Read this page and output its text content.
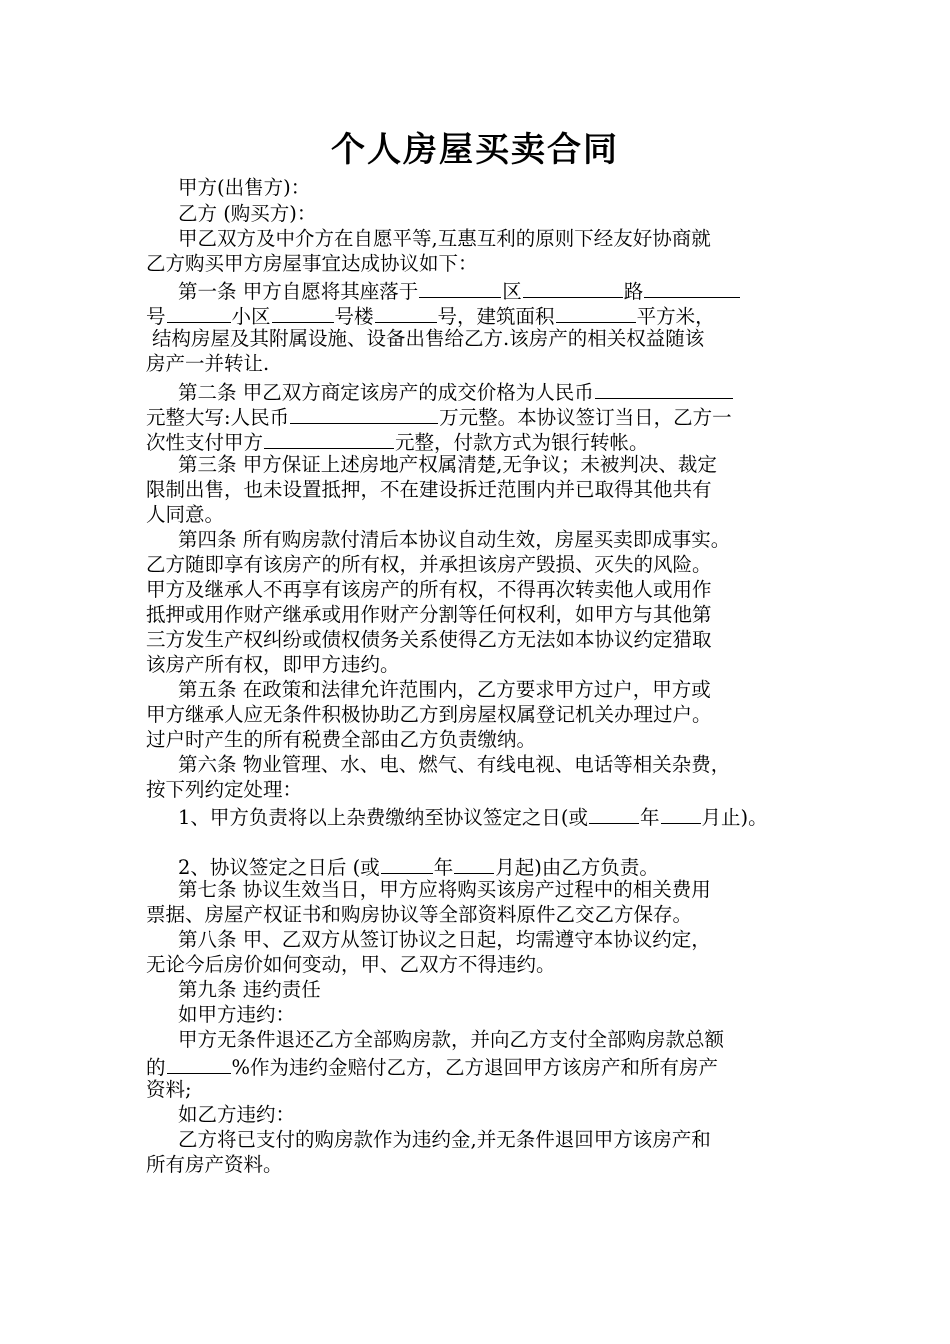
个人房屋买卖合同
甲方(出售方)：
乙方 (购买方)：
甲乙双方及中介方在自愿平等,互惠互利的原则下经友好协商就
乙方购买甲方房屋事宜达成协议如下：
第一条 甲方自愿将其座落于	区	路
号	小区	号楼	号，建筑面积	平方米，
结构房屋及其附属设施、设备出售给乙方.该房产的相关权益随该
房产一并转让.
第二条 甲乙双方商定该房产的成交价格为人民币
元整大写:人民币	万元整。本协议签订当日，乙方一
次性支付甲方	元整，付款方式为银行转帐。
第三条 甲方保证上述房地产权属清楚,无争议；未被判决、裁定
限制出售，也未设置抵押，不在建设拆迁范围内并已取得其他共有
人同意。
第四条 所有购房款付清后本协议自动生效，房屋买卖即成事实。
乙方随即享有该房产的所有权，并承担该房产毁损、灭失的风险。
甲方及继承人不再享有该房产的所有权，不得再次转卖他人或用作
抵押或用作财产继承或用作财产分割等任何权利，如甲方与其他第
三方发生产权纠纷或债权债务关系使得乙方无法如本协议约定猎取
该房产所有权，即甲方违约。
第五条 在政策和法律允许范围内，乙方要求甲方过户，甲方或
甲方继承人应无条件积极协助乙方到房屋权属登记机关办理过户。
过户时产生的所有税费全部由乙方负责缴纳。
第六条 物业管理、水、电、燃气、有线电视、电话等相关杂费，
按下列约定处理：
1、甲方负责将以上杂费缴纳至协议签定之日(或	年 月止)。
2、协议签定之日后 (或	年 月起)由乙方负责。
第七条 协议生效当日，甲方应将购买该房产过程中的相关费用
票据、房屋产权证书和购房协议等全部资料原件乙交乙方保存。
第八条 甲、乙双方从签订协议之日起，均需遵守本协议约定，
无论今后房价如何变动，甲、乙双方不得违约。
第九条 违约责任
如甲方违约：
甲方无条件退还乙方全部购房款，并向乙方支付全部购房款总额
的	%作为违约金赔付乙方，乙方退回甲方该房产和所有房产
资料;
如乙方违约：
乙方将已支付的购房款作为违约金,并无条件退回甲方该房产和
所有房产资料。
